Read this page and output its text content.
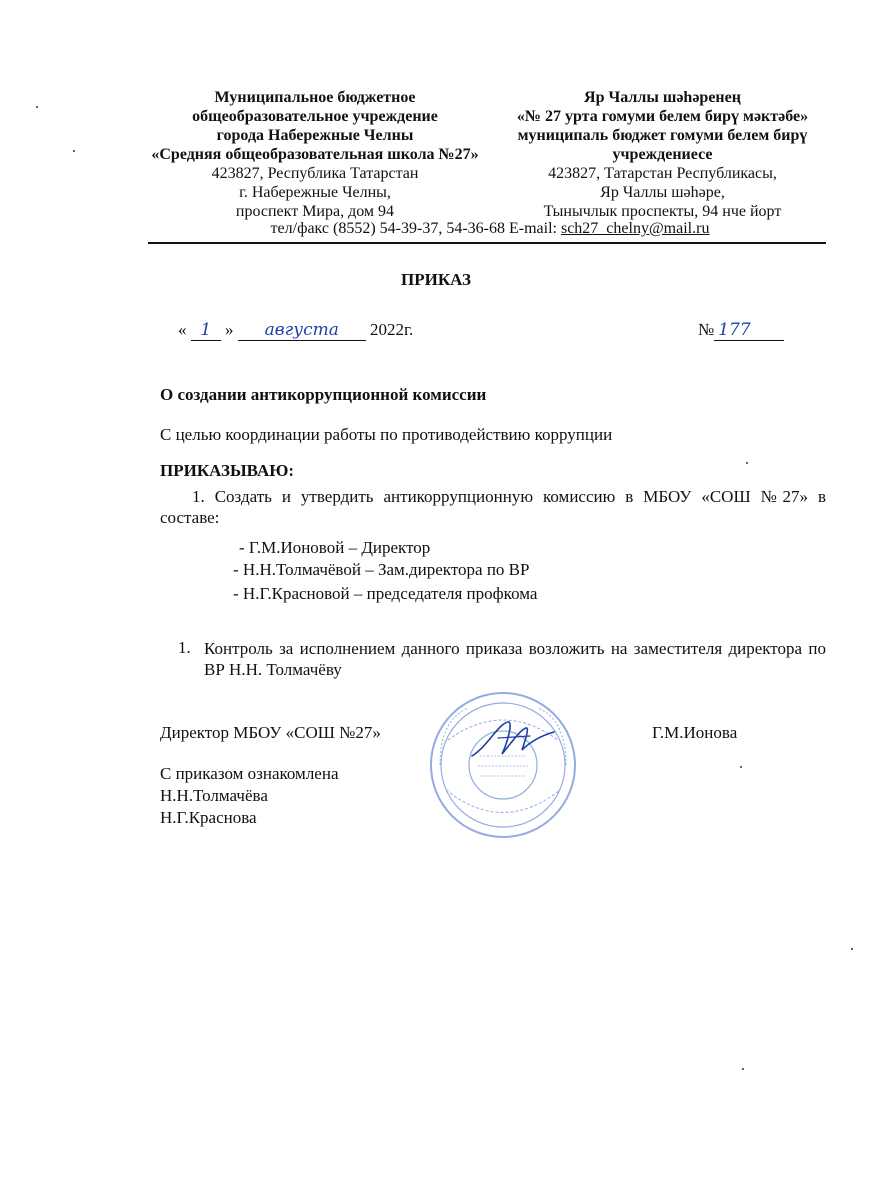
Муниципальное бюджетное
общеобразовательное учреждение
города Набережные Челны
«Средняя общеобразовательная школа №27»
423827, Республика Татарстан
г. Набережные Челны,
проспект Мира, дом 94
Яр Чаллы шәһәренең
«№ 27 урта гомуми белем бирү мәктәбе»
муниципаль бюджет гомуми белем бирү
учреждениесе
423827, Татарстан Республикасы,
Яр Чаллы шәһәре,
Тынычлык проспекты, 94 нче йорт
тел/факс (8552) 54-39-37, 54-36-68 E-mail: sch27_chelny@mail.ru
ПРИКАЗ
« 1 » августа 2022г.	№ 177
О создании антикоррупционной комиссии
С целью координации работы по противодействию коррупции
ПРИКАЗЫВАЮ:
1. Создать и утвердить антикоррупционную комиссию в МБОУ «СОШ №27» в составе:
- Г.М.Ионовой – Директор
- Н.Н.Толмачёвой – Зам.директора по ВР
- Н.Г.Красновой – председателя профкома
1. Контроль за исполнением данного приказа возложить на заместителя директора по ВР Н.Н. Толмачёву
Директор МБОУ «СОШ №27»	Г.М.Ионова
С приказом ознакомлена
Н.Н.Толмачёва
Н.Г.Краснова
